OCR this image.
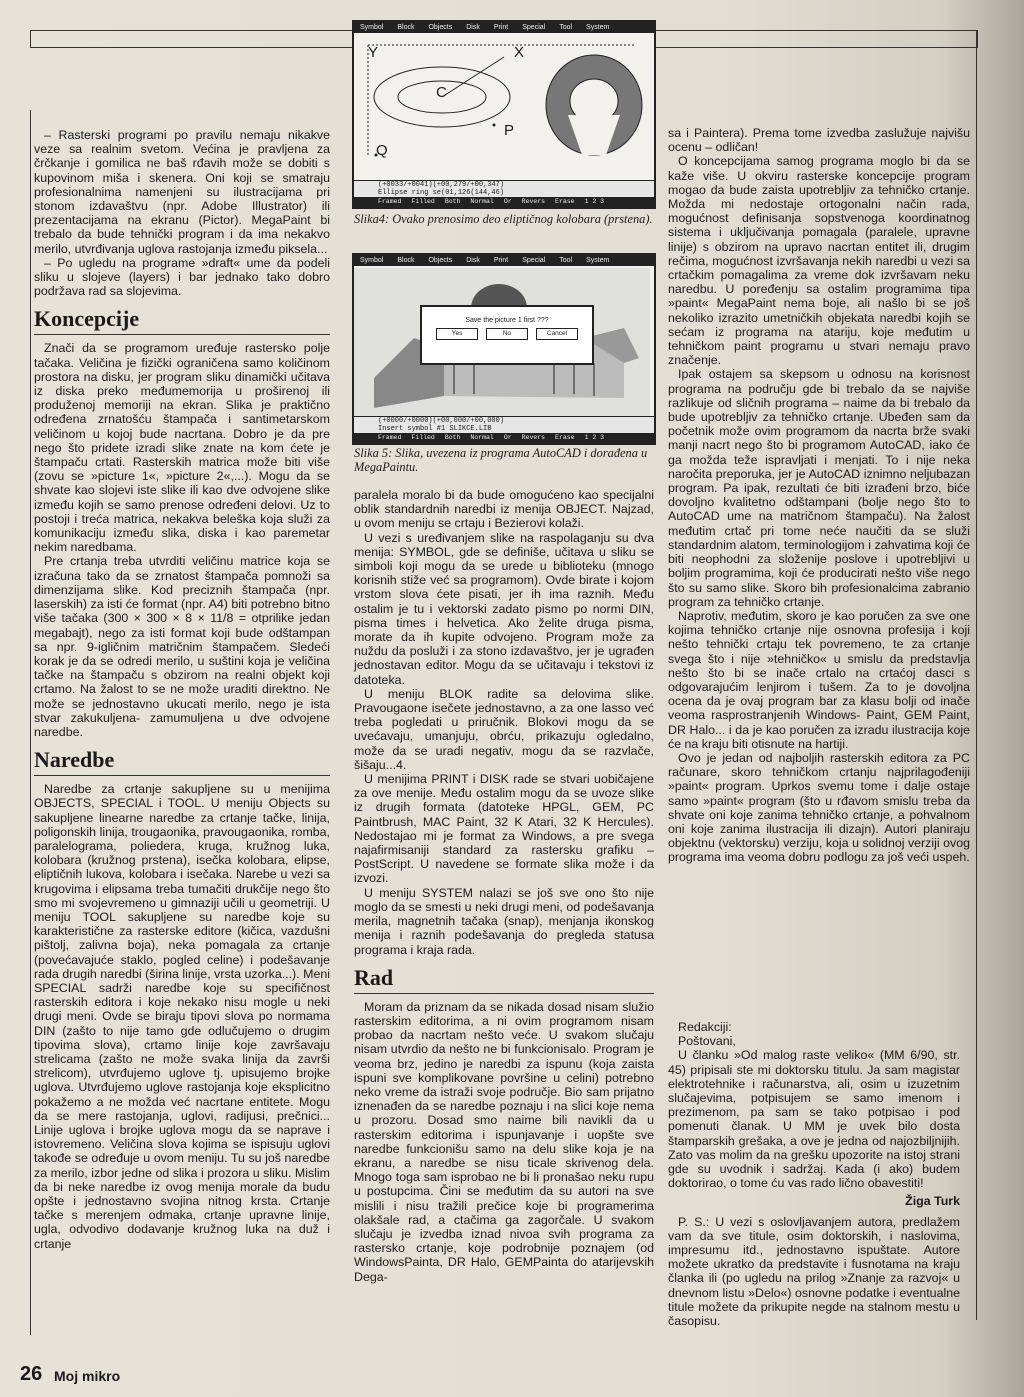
– Rasterski programi po pravilu nemaju nikakve veze sa realnim svetom. Većina je pravljena za črčkanje i gomilica ne baš rđavih može se dobiti s kupovinom miša i skenera. Oni koji se smatraju profesionalnima namenjeni su ilustracijama pri stonom izdavaštvu (npr. Adobe Illustrator) ili prezentacijama na ekranu (Pictor). MegaPaint bi trebalo da bude tehnički program i da ima nekakvo merilo, utvrđivanja uglova rastojanja između piksela...

– Po ugledu na programe »draft« ume da podeli sliku u slojeve (layers) i bar jednako tako dobro podržava rad sa slojevima.

Koncepcije

Znači da se programom uređuje rastersko polje tačaka. Veličina je fizički ograničena samo količinom prostora na disku, jer program sliku dinamički učitava iz diska preko međumemorija u proširenoj ili produženoj memoriji na ekran. Slika je praktično određena zrnatošću štampača i santimetarskom veličinom u kojoj bude nacrtana. Dobro je da pre nego što pridete izradi slike znate na kom ćete je štampaču crtati. Rasterskih matrica može biti više (zovu se »picture 1«, »picture 2«,...). Mogu da se shvate kao slojevi iste slike ili kao dve odvojene slike između kojih se samo prenose određeni delovi. Uz to postoji i treća matrica, nekakva beleška koja služi za komunikaciju između slika, diska i kao paremetar nekim naredbama.

Pre crtanja treba utvrditi veličinu matrice koja se izračuna tako da se zrnatost štampača pomnoži sa dimenzijama slike. Kod preciznih štampača (npr. laserskih) za isti će format (npr. A4) biti potrebno bitno više tačaka (300 × 300 × 8 × 11/8 = otprilike jedan megabajt), nego za isti format koji bude odštampan sa npr. 9-igličnim matričnim štampačem. Sledeći korak je da se odredi merilo, u suštini koja je veličina tačke na štampaču s obzirom na realni objekt koji crtamo. Na žalost to se ne može uraditi direktno. Ne može se jednostavno ukucati merilo, nego je ista stvar zakukuljena- zamumuljena u dve odvojene naredbe.

Naredbe

Naredbe za crtanje sakupljene su u menijima OBJECTS, SPECIAL i TOOL. U meniju Objects su sakupljene linearne naredbe za crtanje tačke, linija, poligonskih linija, trougaonika, pravougaonika, romba, paralelograma, poliedera, kruga, kružnog luka, kolobara (kružnog prstena), isečka kolobara, elipse, eliptičnih lukova, kolobara i isečaka. Narebe u vezi sa krugovima i elipsama treba tumačiti drukčije nego što smo mi svojevremeno u gimnaziji učili u geometriji. U meniju TOOL sakupljene su naredbe koje su karakteristične za rasterske editore (kičica, vazdušni pištolj, zalivna boja), neka pomagala za crtanje (povećavajuće staklo, pogled celine) i podešavanje rada drugih naredbi (širina linije, vrsta uzorka...). Meni SPECIAL sadrži naredbe koje su specifičnost rasterskih editora i koje nekako nisu mogle u neki drugi meni. Ovde se biraju tipovi slova po normama DIN (zašto to nije tamo gde odlučujemo o drugim tipovima slova), crtamo linije koje završavaju strelicama (zašto ne može svaka linija da završi strelicom), utvrđujemo uglove tj. upisujemo brojke uglova. Utvrđujemo uglove rastojanja koje eksplicitno pokažemo a ne možda već nacrtane entitete. Mogu da se mere rastojanja, uglovi, radijusi, prečnici... Linije uglova i brojke uglova mogu da se naprave i istovremeno. Veličina slova kojima se ispisuju uglovi takođe se određuje u ovom meniju. Tu su još naredbe za merilo, izbor jedne od slika i prozora u sliku. Mislim da bi neke naredbe iz ovog menija morale da budu opšte i jednostavno svojina nitnog krsta. Crtanje tačke s merenjem odmaka, crtanje upravne linije, ugla, odvodivo dodavanje kružnog luka na duž i crtanje

Symbol Block Objects Disk Print Special Tool System
Y	X
C
P
Q
(+0033/+0041)(+00,279/+00,347)
Ellipse ring se(01,126(144,46)
Framed Filled Both Normal Or Revers Erase 1 2 3
Slika4: Ovako prenosimo deo eliptičnog kolobara (prstena).
Symbol Block Objects Disk Print Special Tool System
Save the picture 1 first ???
Yes	No	Cancel
(+0000/+0000)(+00,000/+00,000)
Insert symbol #1 SLIKCE.LIB
Framed Filled Both Normal Or Revers Erase 1 2 3
Slika 5: Slika, uvezena iz programa AutoCAD i dorađena u MegaPaintu.

paralela moralo bi da bude omogućeno kao specijalni oblik standardnih naredbi iz menija OBJECT. Najzad, u ovom meniju se crtaju i Bezierovi kolaži.

U vezi s uređivanjem slike na raspolaganju su dva menija: SYMBOL, gde se definiše, učitava u sliku se simboli koji mogu da se urede u biblioteku (mnogo korisnih stiže već sa programom). Ovde birate i kojom vrstom slova ćete pisati, jer ih ima raznih. Među ostalim je tu i vektorski zadato pismo po normi DIN, pisma times i helvetica. Ako želite druga pisma, morate da ih kupite odvojeno. Program može za nuždu da posluži i za stono izdavaštvo, jer je ugrađen jednostavan editor. Mogu da se učitavaju i tekstovi iz datoteka.

U meniju BLOK radite sa delovima slike. Pravougaone isečete jednostavno, a za one lasso već treba pogledati u priručnik. Blokovi mogu da se uvećavaju, umanjuju, obrću, prikazuju ogledalno, može da se uradi negativ, mogu da se razvlače, šišaju...4.

U menijima PRINT i DISK rade se stvari uobičajene za ove menije. Među ostalim mogu da se uvoze slike iz drugih formata (datoteke HPGL, GEM, PC Paintbrush, MAC Paint, 32 K Atari, 32 K Hercules). Nedostajao mi je format za Windows, a pre svega najafirmisaniji standard za rastersku grafiku – PostScript. U navedene se formate slika može i da izvozi.

U meniju SYSTEM nalazi se još sve ono što nije moglo da se smesti u neki drugi meni, od podešavanja merila, magnetnih tačaka (snap), menjanja ikonskog menija i raznih podešavanja do pregleda statusa programa i kraja rada.

Rad

Moram da priznam da se nikada dosad nisam služio rasterskim editorima, a ni ovim programom nisam probao da nacrtam nešto veće. U svakom slučaju nisam utvrdio da nešto ne bi funkcionisalo. Program je veoma brz, jedino je naredbi za ispunu (koja zaista ispuni sve komplikovane površine u celini) potrebno neko vreme da istraži svoje područje. Bio sam prijatno iznenađen da se naredbe poznaju i na slici koje nema u prozoru. Dosad smo naime bili navikli da u rasterskim editorima i ispunjavanje i uopšte sve naredbe funkcionišu samo na delu slike koja je na ekranu, a naredbe se nisu ticale skrivenog dela. Mnogo toga sam isprobao ne bi li pronašao neku rupu u postupcima. Čini se međutim da su autori na sve mislili i nisu tražili prečice koje bi programerima olakšale rad, a ctačima ga zagorčale. U svakom slučaju je izvedba iznad nivoa svih programa za rastersko crtanje, koje podrobnije poznajem (od WindowsPainta, DR Halo, GEMPainta do atarijevskih Dega-

sa i Paintera). Prema tome izvedba zaslužuje najvišu ocenu – odličan!

O koncepcijama samog programa moglo bi da se kaže više. U okviru rasterske koncepcije program mogao da bude zaista upotrebljiv za tehničko crtanje. Možda mi nedostaje ortogonalni način rada, mogućnost definisanja sopstvenoga koordinatnog sistema i uključivanja pomagala (paralele, upravne linije) s obzirom na upravo nacrtan entitet ili, drugim rečima, mogućnost izvršavanja nekih naredbi u vezi sa crtačkim pomagalima za vreme dok izvršavam neku naredbu. U poređenju sa ostalim programima tipa »paint« MegaPaint nema boje, ali našlo bi se još nekoliko izrazito umetničkih objekata naredbi kojih se sećam iz programa na atariju, koje međutim u tehničkom paint programu u stvari nemaju pravo značenje.

Ipak ostajem sa skepsom u odnosu na korisnost programa na području gde bi trebalo da se najviše razlikuje od sličnih programa – naime da bi trebalo da bude upotrebljiv za tehničko crtanje. Ubeđen sam da početnik može ovim programom da nacrta brže svaki manji nacrt nego što bi programom AutoCAD, iako će ga možda teže ispravljati i menjati. To i nije neka naročita preporuka, jer je AutoCAD iznimno neljubazan program. Pa ipak, rezultati će biti izrađeni brzo, biće dovoljno kvalitetno odštampani (bolje nego što to AutoCAD ume na matričnom štampaču). Na žalost međutim crtač pri tome neće naučiti da se služi standardnim alatom, terminologijom i zahvatima koji će biti neophodni za složenije poslove i upotrebljivi u boljim programima, koji će producirati nešto više nego što su samo slike. Skoro bih profesionalcima zabranio program za tehničko crtanje.

Naprotiv, međutim, skoro je kao poručen za sve one kojima tehničko crtanje nije osnovna profesija i koji nešto tehnički crtaju tek povremeno, te za crtanje svega što i nije »tehničko« u smislu da predstavlja nešto što bi se inače crtalo na crtaćoj dasci s odgovarajućim lenjirom i tušem. Za to je dovoljna ocena da je ovaj program bar za klasu bolji od inače veoma rasprostranjenih Windows- Paint, GEM Paint, DR Halo... i da je kao poručen za izradu ilustracija koje će na kraju biti otisnute na hartiji.

Ovo je jedan od najboljih rasterskih editora za PC računare, skoro tehničkom crtanju najprilagođeniji »paint« program. Uprkos svemu tome i dalje ostaje samo »paint« program (što u rđavom smislu treba da shvate oni koje zanima tehničko crtanje, a pohvalnom oni koje zanima ilustracija ili dizajn). Autori planiraju objektnu (vektorsku) verziju, koja u solidnoj verziji ovog programa ima veoma dobru podlogu za još veći uspeh.

Redakciji:

Poštovani,

U članku »Od malog raste veliko« (MM 6/90, str. 45) pripisali ste mi doktorsku titulu. Ja sam magistar elektrotehnike i računarstva, ali, osim u izuzetnim slučajevima, potpisujem se samo imenom i prezimenom, pa sam se tako potpisao i pod pomenuti članak. U MM je uvek bilo dosta štamparskih grešaka, a ove je jedna od najozbiljnijih. Zato vas molim da na grešku upozorite na istoj strani gde su uvodnik i sadržaj. Kada (i ako) budem doktorirao, o tome ću vas rado lično obavestiti!

Žiga Turk

P. S.: U vezi s oslovljavanjem autora, predlažem vam da sve titule, osim doktorskih, i naslovima, impresumu itd., jednostavno ispuštate. Autore možete ukratko da predstavite i fusnotama na kraju članka ili (po ugledu na prilog »Znanje za razvoj« u dnevnom listu »Delo«) osnovne podatke i eventualne titule možete da prikupite negde na stalnom mestu u časopisu.

26 Moj mikro
